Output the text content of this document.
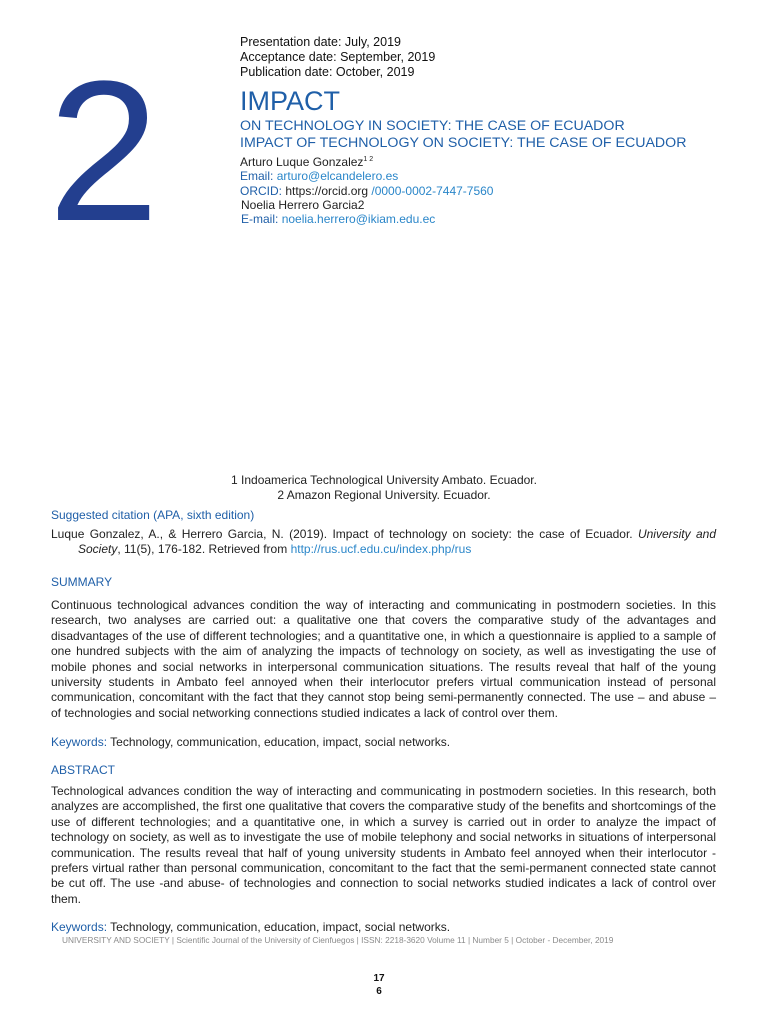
2	Presentation date: July, 2019
Acceptance date: September, 2019
Publication date: October, 2019
IMPACT
ON TECHNOLOGY IN SOCIETY: THE CASE OF ECUADOR
IMPACT OF TECHNOLOGY ON SOCIETY: THE CASE OF ECUADOR
Arturo Luque Gonzalez$^{1 2}$
Email: arturo@elcandelero.es
ORCID: https://orcid.org /0000-0002-7447-7560
Noelia Herrero Garcia2
E-mail: noelia.herrero@ikiam.edu.ec
1 Indoamerica Technological University Ambato. Ecuador.
2 Amazon Regional University. Ecuador.
Suggested citation (APA, sixth edition)
Luque Gonzalez, A., & Herrero Garcia, N. (2019). Impact of technology on society: the case of Ecuador. University and Society, 11(5), 176-182. Retrieved from http://rus.ucf.edu.cu/index.php/rus
SUMMARY
Continuous technological advances condition the way of interacting and communicating in postmodern societies. In this research, two analyses are carried out: a qualitative one that covers the comparative study of the advantages and disadvantages of the use of different technologies; and a quantitative one, in which a questionnaire is applied to a sample of one hundred subjects with the aim of analyzing the impacts of technology on society, as well as investigating the use of mobile phones and social networks in interpersonal communication situations. The results reveal that half of the young university students in Ambato feel annoyed when their interlocutor prefers virtual communication instead of personal communication, concomitant with the fact that they cannot stop being semi-permanently connected. The use – and abuse – of technologies and social networking connections studied indicates a lack of control over them.
Keywords: Technology, communication, education, impact, social networks.
ABSTRACT
Technological advances condition the way of interacting and communicating in postmodern societies. In this research, both analyzes are accomplished, the first one qualitative that covers the comparative study of the benefits and shortcomings of the use of different technologies; and a quantitative one, in which a survey is carried out in order to analyze the impact of technology on society, as well as to investigate the use of mobile telephony and social networks in situations of interpersonal communication. The results reveal that half of young university students in Ambato feel annoyed when their interlocutor - prefers virtual rather than personal communication, concomitant to the fact that the semi-permanent connected state cannot be cut off. The use -and abuse- of technologies and connection to social networks studied indicates a lack of control over them.
Keywords: Technology, communication, education, impact, social networks.
UNIVERSITY AND SOCIETY | Scientific Journal of the University of Cienfuegos | ISSN: 2218-3620 Volume 11 | Number 5 | October - December, 2019
17
6
